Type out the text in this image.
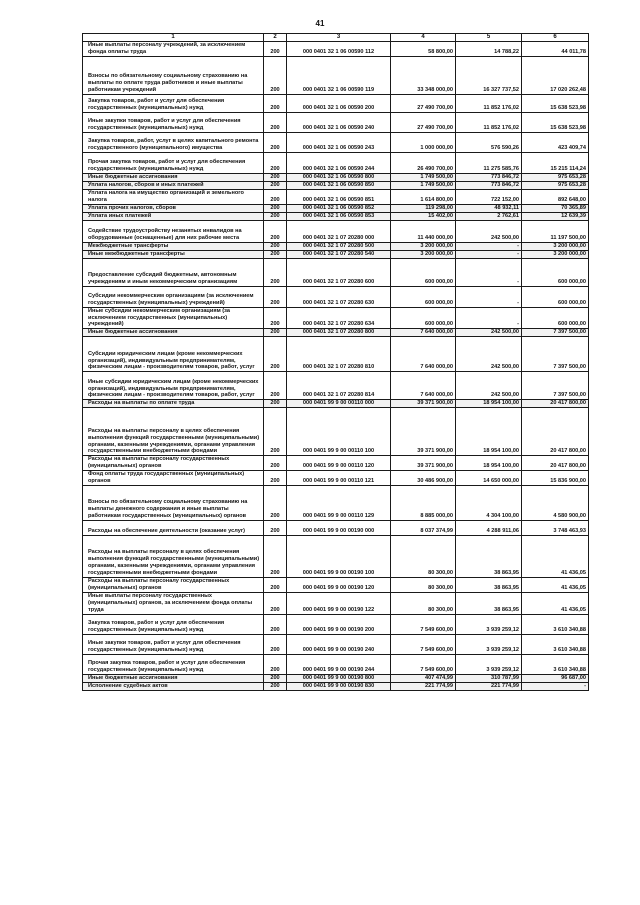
41
1	2	3	4	5	6
Иные выплаты персоналу учреждений, за исключением фонда оплаты труда	200	000 0401 32 1 06 00590 112	58 800,00	14 788,22	44 011,78
Взносы по обязательному социальному страхованию на выплаты по оплате труда работников и иные выплаты работникам учреждений	200	000 0401 32 1 06 00590 119	33 348 000,00	16 327 737,52	17 020 262,48
Закупка товаров, работ и услуг для обеспечения государственных (муниципальных) нужд	200	000 0401 32 1 06 00590 200	27 490 700,00	11 852 176,02	15 638 523,98
Иные закупки товаров, работ и услуг для обеспечения государственных (муниципальных) нужд	200	000 0401 32 1 06 00590 240	27 490 700,00	11 852 176,02	15 638 523,98
Закупка товаров, работ, услуг в целях капитального ремонта государственного (муниципального) имущества	200	000 0401 32 1 06 00590 243	1 000 000,00	576 590,26	423 409,74
Прочая закупка товаров, работ и услуг для обеспечения государственных (муниципальных) нужд	200	000 0401 32 1 06 00590 244	26 490 700,00	11 275 585,76	15 215 114,24
Иные бюджетные ассигнования	200	000 0401 32 1 06 00590 800	1 749 500,00	773 846,72	975 653,28
Уплата налогов, сборов и иных платежей	200	000 0401 32 1 06 00590 850	1 749 500,00	773 846,72	975 653,28
Уплата налога на имущество организаций и земельного налога	200	000 0401 32 1 06 00590 851	1 614 800,00	722 152,00	892 648,00
Уплата прочих налогов, сборов	200	000 0401 32 1 06 00590 852	119 298,00	48 932,11	70 365,89
Уплата иных платежей	200	000 0401 32 1 06 00590 853	15 402,00	2 762,61	12 639,39
Содействие трудоустройству незанятых инвалидов на оборудованные (оснащенные) для них рабочие места	200	000 0401 32 1 07 20280 000	11 440 000,00	242 500,00	11 197 500,00
Межбюджетные трансферты	200	000 0401 32 1 07 20280 500	3 200 000,00	-	3 200 000,00
Иные межбюджетные трансферты	200	000 0401 32 1 07 20280 540	3 200 000,00	-	3 200 000,00
Предоставление субсидий бюджетным, автономным учреждениям и иным некоммерческим организациям	200	000 0401 32 1 07 20280 600	600 000,00	-	600 000,00
Субсидии некоммерческим организациям (за исключением государственных (муниципальных) учреждений)	200	000 0401 32 1 07 20280 630	600 000,00	-	600 000,00
Иные субсидии некоммерческим организациям (за исключением государственных (муниципальных) учреждений)	200	000 0401 32 1 07 20280 634	600 000,00	-	600 000,00
Иные бюджетные ассигнования	200	000 0401 32 1 07 20280 800	7 640 000,00	242 500,00	7 397 500,00
Субсидии юридическим лицам (кроме некоммерческих организаций), индивидуальным предпринимателям, физическим лицам - производителям товаров, работ, услуг	200	000 0401 32 1 07 20280 810	7 640 000,00	242 500,00	7 397 500,00
Иные субсидии юридическим лицам (кроме некоммерческих организаций), индивидуальным предпринимателям, физическим лицам - производителям товаров, работ, услуг	200	000 0401 32 1 07 20280 814	7 640 000,00	242 500,00	7 397 500,00
Расходы на выплаты по оплате труда	200	000 0401 99 9 00 00110 000	39 371 900,00	18 954 100,00	20 417 800,00
Расходы на выплаты персоналу в целях обеспечения выполнения функций государственными (муниципальными) органами, казенными учреждениями, органами управления государственными внебюджетными фондами	200	000 0401 99 9 00 00110 100	39 371 900,00	18 954 100,00	20 417 800,00
Расходы на выплаты персоналу государственных (муниципальных) органов	200	000 0401 99 9 00 00110 120	39 371 900,00	18 954 100,00	20 417 800,00
Фонд оплаты труда государственных (муниципальных) органов	200	000 0401 99 9 00 00110 121	30 486 900,00	14 650 000,00	15 836 900,00
Взносы по обязательному социальному страхованию на выплаты денежного содержания и иные выплаты работникам государственных (муниципальных) органов	200	000 0401 99 9 00 00110 129	8 885 000,00	4 304 100,00	4 580 900,00
Расходы на обеспечение деятельности (оказание услуг)	200	000 0401 99 9 00 00190 000	8 037 374,99	4 288 911,06	3 748 463,93
Расходы на выплаты персоналу в целях обеспечения выполнения функций государственными (муниципальными) органами, казенными учреждениями, органами управления государственными внебюджетными фондами	200	000 0401 99 9 00 00190 100	80 300,00	38 863,95	41 436,05
Расходы на выплаты персоналу государственных (муниципальных) органов	200	000 0401 99 9 00 00190 120	80 300,00	38 863,95	41 436,05
Иные выплаты персоналу государственных (муниципальных) органов, за исключением фонда оплаты труда	200	000 0401 99 9 00 00190 122	80 300,00	38 863,95	41 436,05
Закупка товаров, работ и услуг для обеспечения государственных (муниципальных) нужд	200	000 0401 99 9 00 00190 200	7 549 600,00	3 939 259,12	3 610 340,88
Иные закупки товаров, работ и услуг для обеспечения государственных (муниципальных) нужд	200	000 0401 99 9 00 00190 240	7 549 600,00	3 939 259,12	3 610 340,88
Прочая закупка товаров, работ и услуг для обеспечения государственных (муниципальных) нужд	200	000 0401 99 9 00 00190 244	7 549 600,00	3 939 259,12	3 610 340,88
Иные бюджетные ассигнования	200	000 0401 99 9 00 00190 800	407 474,99	310 787,99	96 687,00
Исполнение судебных актов	200	000 0401 99 9 00 00190 830	221 774,99	221 774,99	-
